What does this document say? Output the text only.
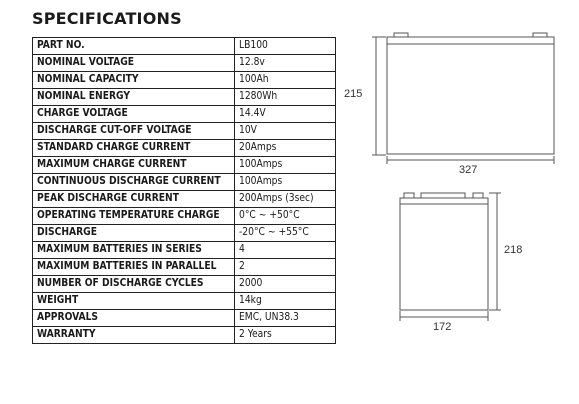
SPECIFICATIONS
PART NO.	LB100
NOMINAL VOLTAGE	12.8v
NOMINAL CAPACITY	100Ah
NOMINAL ENERGY	1280Wh
CHARGE VOLTAGE	14.4V
DISCHARGE CUT-OFF VOLTAGE	10V
STANDARD CHARGE CURRENT	20Amps
MAXIMUM CHARGE CURRENT	100Amps
CONTINUOUS DISCHARGE CURRENT	100Amps
PEAK DISCHARGE CURRENT	200Amps (3sec)
OPERATING TEMPERATURE CHARGE	0°C ~ +50°C
DISCHARGE	-20°C ~ +55°C
MAXIMUM BATTERIES IN SERIES	4
MAXIMUM BATTERIES IN PARALLEL	2
NUMBER OF DISCHARGE CYCLES	2000
WEIGHT	14kg
APPROVALS	EMC, UN38.3
WARRANTY	2 Years
215
327
218
172
